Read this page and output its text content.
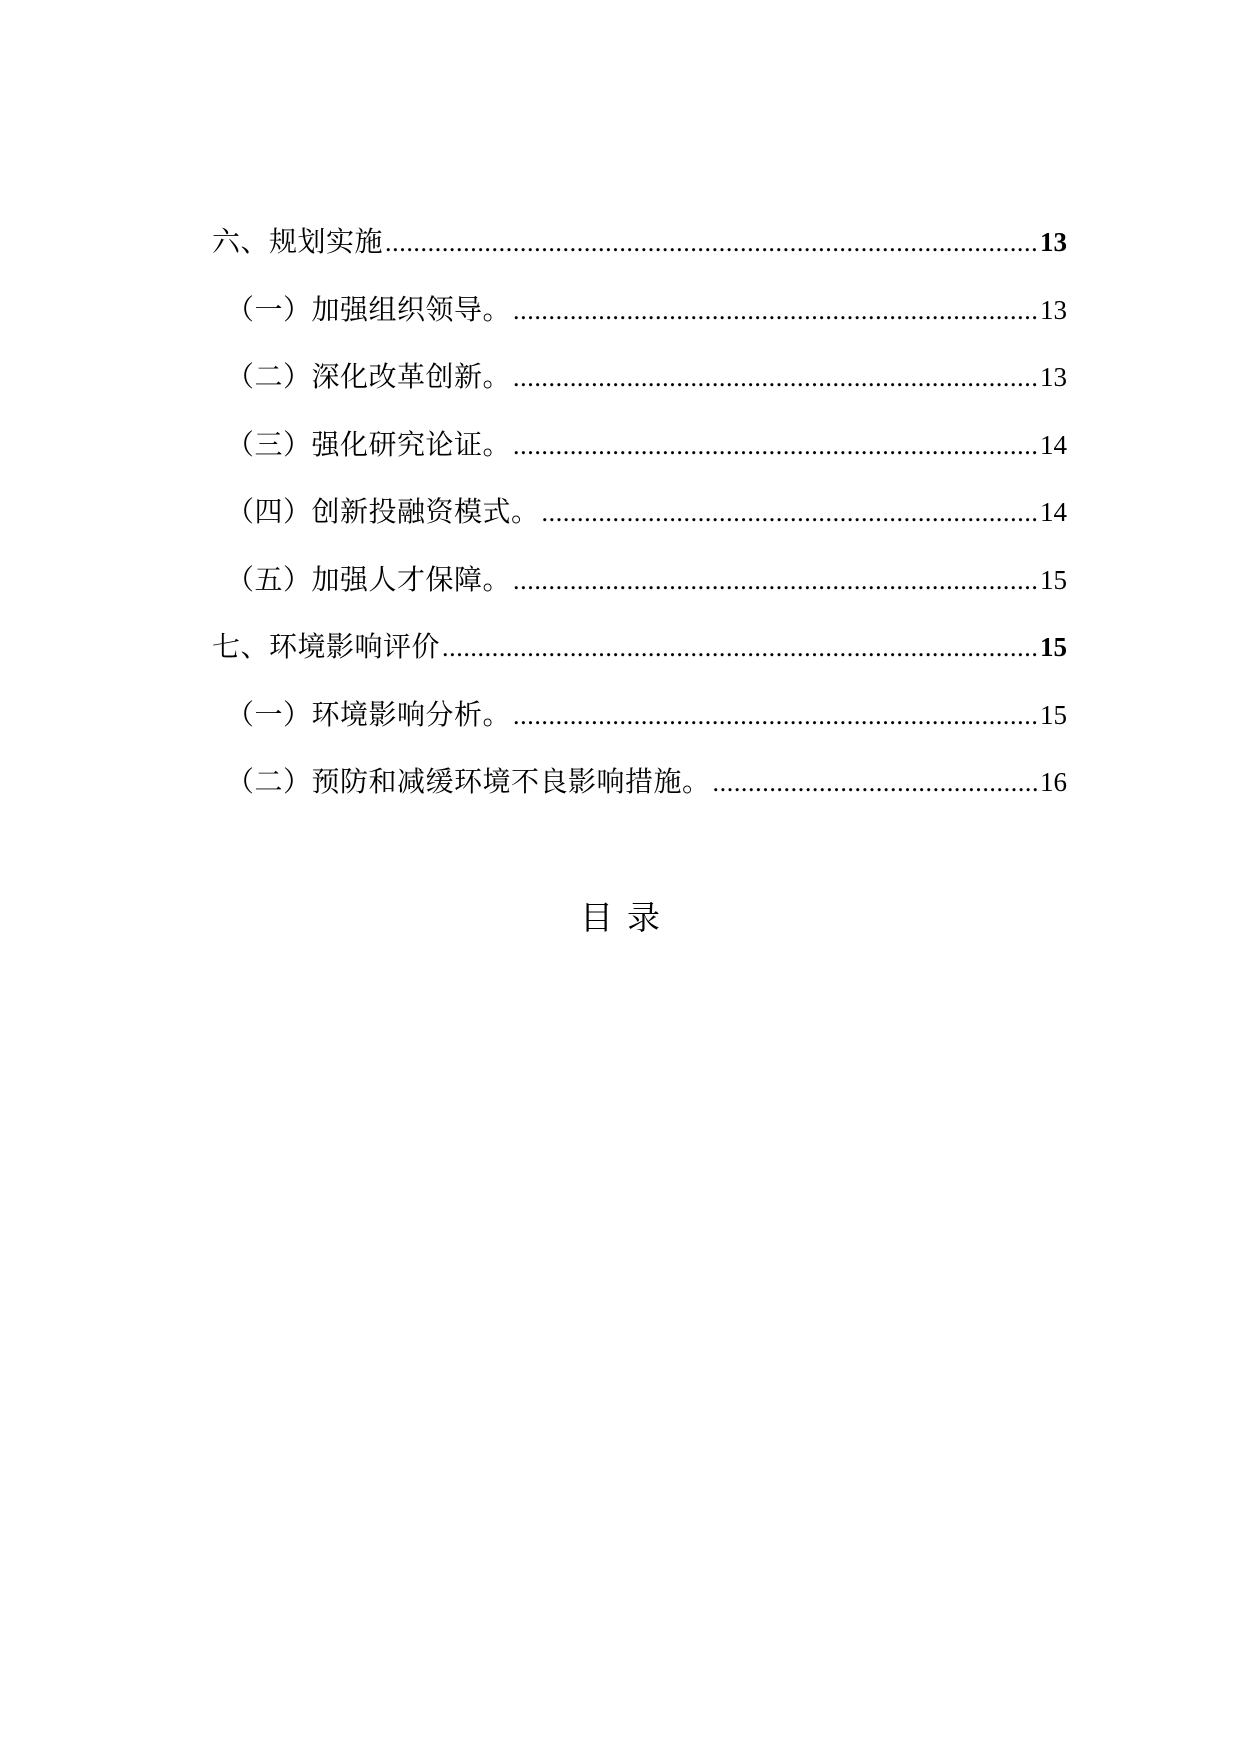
六、规划实施 .....	13
（一）加强组织领导。 .....	13
（二）深化改革创新。 .....	13
（三）强化研究论证。 .....	14
（四）创新投融资模式。 .....	14
（五）加强人才保障。 .....	15
七、环境影响评价 .....	15
（一）环境影响分析。 .....	15
（二）预防和减缓环境不良影响措施。 .....	16
目录
